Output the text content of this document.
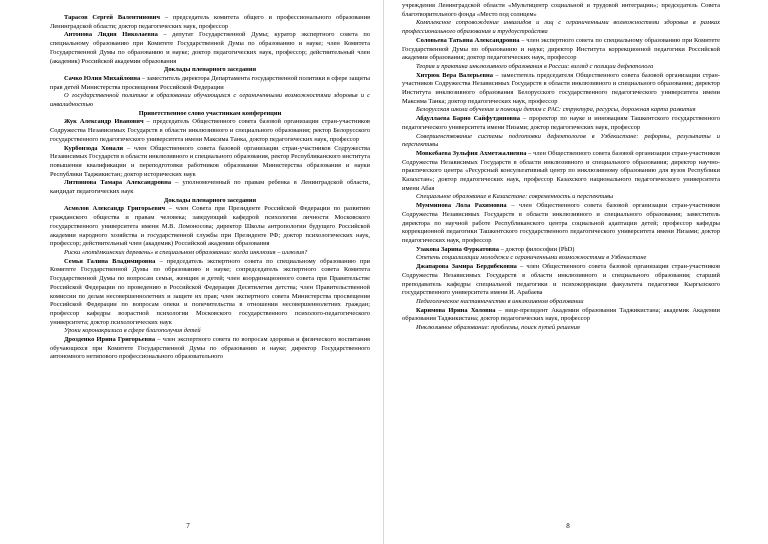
Тарасов Сергей Валентинович – председатель комитета общего и профессионального образования Ленинградской области; доктор педагогических наук, профессор

Антонова Лидия Николаевна – депутат Государственной Думы; куратор экспертного совета по специальному образованию при Комитете Государственной Думы по образованию и науке; член Комитета Государственной Думы по образованию и науке; доктор педагогических наук, профессор; действительный член (академик) Российской академии образования

Доклады пленарного заседания

Сачко Юлия Михайловна – заместитель директора Департамента государственной политики в сфере защиты прав детей Министерства просвещения Российской Федерации

О государственной политике в образовании обучающихся с ограниченными возможностями здоровья и с инвалидностью

Приветственное слово участникам конференции

Жук Александр Иванович – председатель Общественного совета базовой организации стран-участников Содружества Независимых Государств в области инклюзивного и специального образования; ректор Белорусского государственного педагогического университета имени Максима Танка, доктор педагогических наук, профессор

Курбонзода Хонали – член Общественного совета базовой организации стран-участников Содружества Независимых Государств в области инклюзивного и специального образования, ректор Республиканского института повышения квалификации и переподготовки работников образования Министерства образования и науки Республики Таджикистан; доктор исторических наук

Литвинова Тамара Александровна – уполномоченный по правам ребенка в Ленинградской области, кандидат педагогических наук

Доклады пленарного заседания

Асмолов Александр Григорьевич – член Совета при Президенте Российской Федерации по развитию гражданского общества и правам человека; заведующий кафедрой психологии личности Московского государственного университета имени М.В. Ломоносова; директор Школы антропологии будущего Российской академии народного хозяйства и государственной службы при Президенте РФ; доктор психологических наук, профессор; действительный член (академик) Российской академии образования

Риски «потёмкинских деревень» в специальном образовании: когда инклюзия – иллюзия?

Семья Галина Владимировна – председатель экспертного совета по специальному образованию при Комитете Государственной Думы по образованию и науке; сопредседатель экспертного совета Комитета Государственной Думы по вопросам семьи, женщин и детей; член координационного совета при Правительстве Российской Федерации по проведению в Российской Федерации Десятилетия детства; член Правительственной комиссии по делам несовершеннолетних и защите их прав; член экспертного совета Министерства просвещения Российской Федерации по вопросам опеки и попечительства в отношении несовершеннолетних граждан; профессор кафедры возрастной психологии Московского государственного психолого-педагогического университета; доктор психологических наук

Уроки коронакризиса в сфере благополучия детей

Дрозденко Ирина Григорьевна – член экспертного совета по вопросам здоровья и физического воспитания обучающихся при Комитете Государственной Думы по образованию и науке; директор Государственного автономного нетипового профессионального образовательного

7

учреждения Ленинградской области «Мультицентр социальной и трудовой интеграции»; председатель Совета благотворительного фонда «Место под солнцем»

Комплексное сопровождение инвалидов и лиц с ограниченными возможностями здоровья в рамках профессионального образования и трудоустройства

Соловьева Татьяна Александровна – член экспертного совета по специальному образованию при Комитете Государственной Думы по образованию и науке; директор Института коррекционной педагогики Российской академии образования; доктор педагогических наук, профессор

Теория и практика инклюзивного образования в России: взгляд с позиции дефектолога

Хитрюк Вера Валерьевна – заместитель председателя Общественного совета базовой организации стран-участников Содружества Независимых Государств в области инклюзивного и специального образования; директор Института инклюзивного образования Белорусского государственного педагогического университета имени Максима Танка; доктор педагогических наук, профессор

Белорусская школа обучения и помощи детям с РАС: структура, ресурсы, дорожная карта развития

Абдуллаева Барно Сайфутдиновна – проректор по науке и инновациям Ташкентского государственного педагогического университета имени Низами; доктор педагогических наук, профессор

Совершенствование системы подготовки дефектологов в Узбекистане: реформы, результаты и перспективы

Мовкебаева Зульфия Ахметжалиевна – член Общественного совета базовой организации стран-участников Содружества Независимых Государств в области инклюзивного и специального образования; директор научно-практического центра «Ресурсный консультативный центр по инклюзивному образованию для вузов Республики Казахстан»; доктор педагогических наук, профессор Казахского национального педагогического университета имени Абая

Специальное образование в Казахстане: современность и перспективы

Мумминова Лола Рахимовна – член Общественного совета базовой организации стран-участников Содружества Независимых Государств в области инклюзивного и специального образования; заместитель директора по научной работе Республиканского центра социальной адаптации детей; профессор кафедры коррекционной педагогики Ташкентского государственного педагогического университета имени Низами; доктор педагогических наук, профессор

Узакова Зарина Фуркатовна – доктор философии (PhD)

Степень социализации молодежи с ограниченными возможностями в Узбекистане

Джапарова Замира Бердибековна – член Общественного совета базовой организации стран-участников Содружества Независимых Государств в области инклюзивного и специального образования; старший преподаватель кафедры специальной педагогики и психокоррекции факультета педагогики Кыргызского государственного университета имени И. Арабаева

Педагогическое наставничество в инклюзивном образовании

Каримова Ирина Холовна – вице-президент Академии образования Таджикистана; академик Академии образования Таджикистана; доктор педагогических наук, профессор

Инклюзивное образование: проблемы, поиск путей решения

8
